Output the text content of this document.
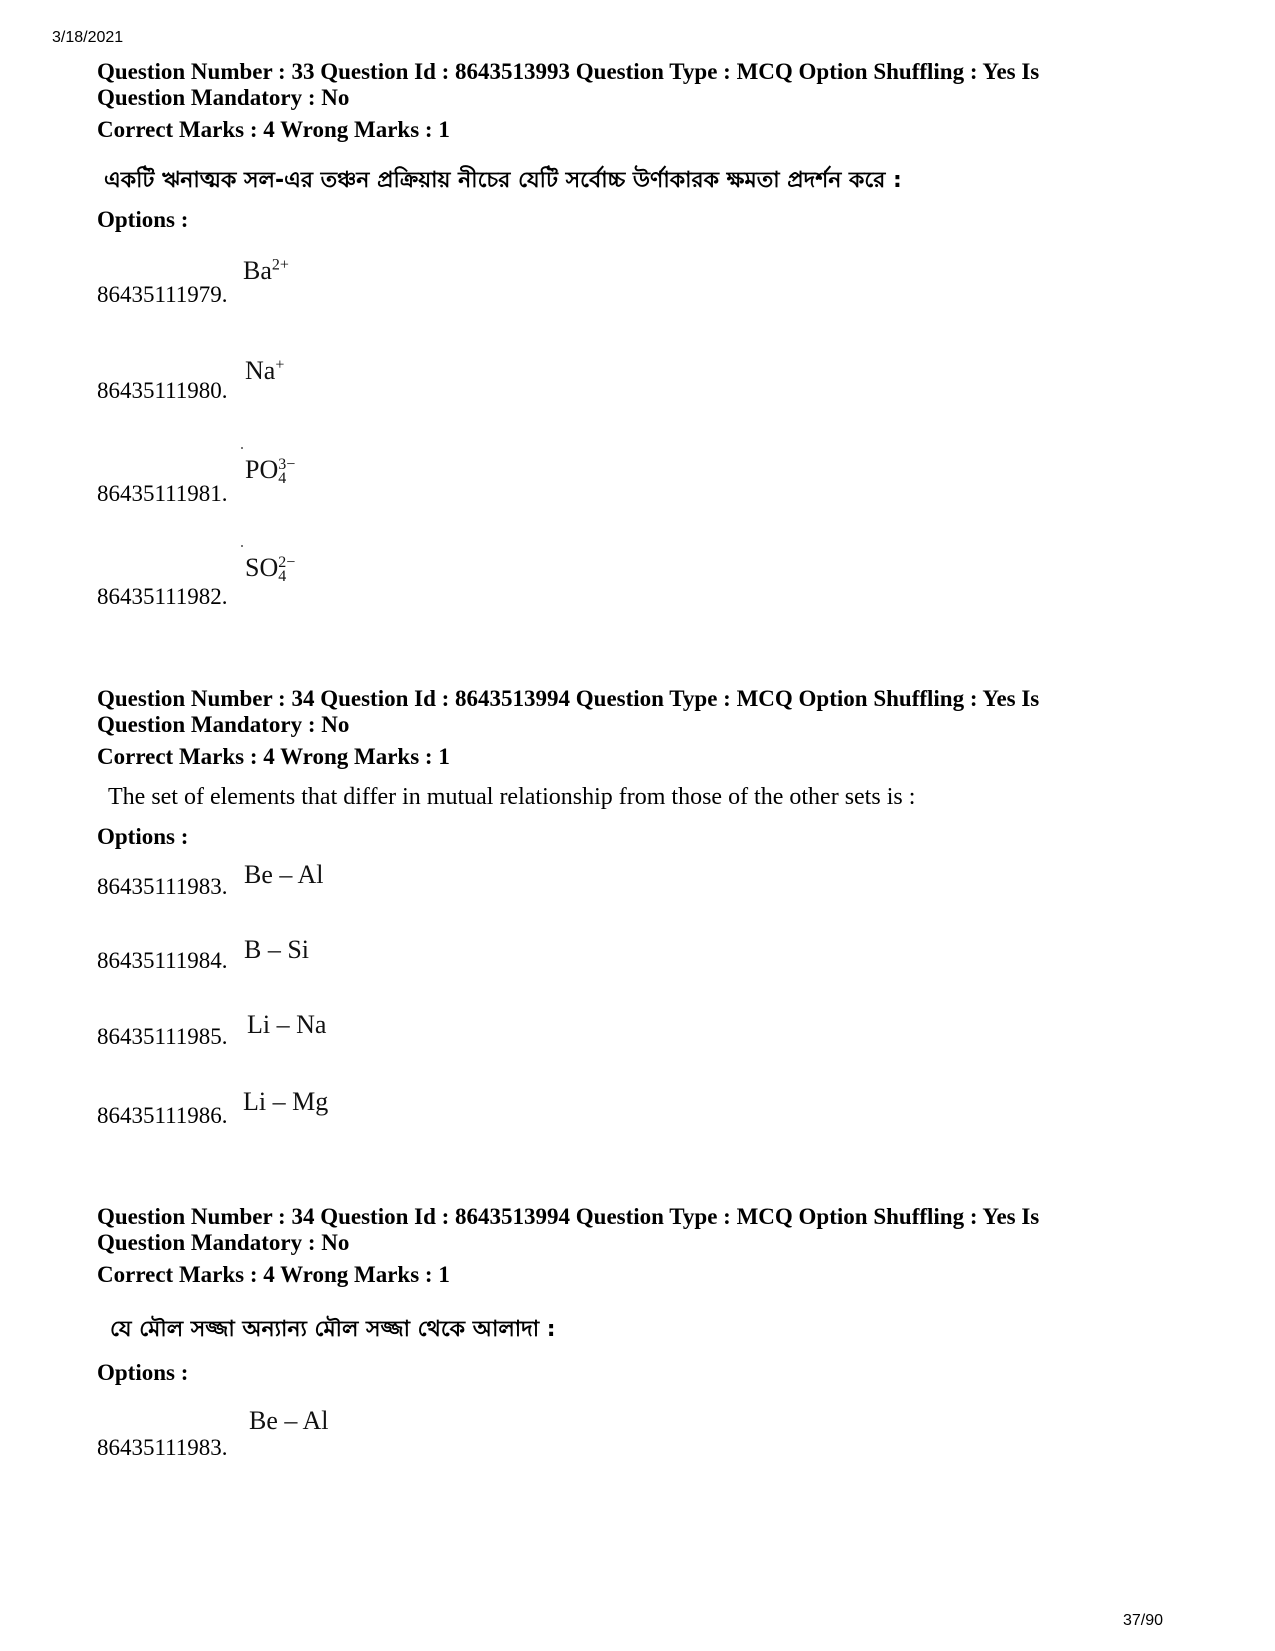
3/18/2021
37/90
Question Number : 33 Question Id : 8643513993 Question Type : MCQ Option Shuffling : Yes Is
Question Mandatory : No
Correct Marks : 4 Wrong Marks : 1
একটি ঋনাত্মক সল-এর তঞ্চন প্রক্রিয়ায় নীচের যেটি সর্বোচ্চ উর্ণাকারক ক্ষমতা প্রদর্শন করে :
Options :
$Ba^{2+}$
86435111979.
Na+
86435111980.
PO 3−
4
86435111981.
SO 2−
4
86435111982.
Question Number : 34 Question Id : 8643513994 Question Type : MCQ Option Shuffling : Yes Is
Question Mandatory : No
Correct Marks : 4 Wrong Marks : 1
The set of elements that differ in mutual relationship from those of the other sets is :
Options :
86435111983. Be – Al
86435111984. B – Si
86435111985. Li – Na
86435111986. Li – Mg
Question Number : 34 Question Id : 8643513994 Question Type : MCQ Option Shuffling : Yes Is
Question Mandatory : No
Correct Marks : 4 Wrong Marks : 1
যে মৌল সজ্জা অন্যান্য মৌল সজ্জা থেকে আলাদা :
Options :
Be – Al
86435111983.
